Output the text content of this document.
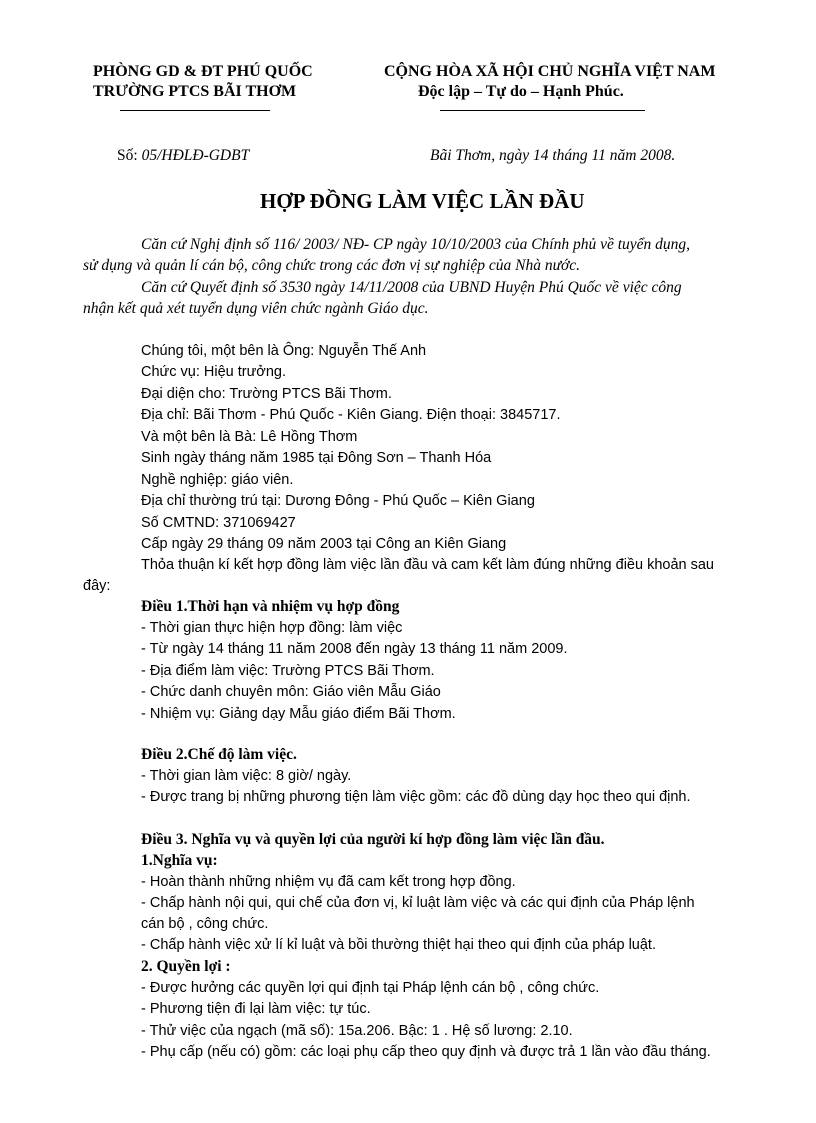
PHÒNG GD & ĐT PHÚ QUỐC
TRƯỜNG PTCS BÃI THƠM
CỘNG HÒA XÃ HỘI CHỦ NGHĨA VIỆT NAM
Độc lập – Tự do – Hạnh Phúc.
Số: 05/HĐLĐ-GDBT	Bãi Thơm, ngày 14 tháng 11 năm 2008.
HỢP ĐỒNG LÀM VIỆC LẦN ĐẦU
Căn cứ Nghị định số 116/ 2003/ NĐ- CP ngày 10/10/2003 của Chính phủ về tuyển dụng,
sử dụng và quản lí cán bộ, công chức trong các đơn vị sự nghiệp của Nhà nước.
Căn cứ Quyết định số 3530 ngày 14/11/2008 của UBND Huyện Phú Quốc về việc công
nhận kết quả xét tuyển dụng viên chức ngành Giáo dục.
Chúng tôi, một bên là Ông: Nguyễn Thế Anh
Chức vụ: Hiệu trưởng.
Đại diện cho: Trường PTCS Bãi Thơm.
Địa chỉ: Bãi Thơm - Phú Quốc - Kiên Giang. Điện thoại: 3845717.
Và một bên là Bà: Lê Hồng Thơm
Sinh ngày tháng năm 1985 tại Đông Sơn – Thanh Hóa
Nghề nghiệp: giáo viên.
Địa chỉ thường trú tại: Dương Đông - Phú Quốc – Kiên Giang
Số CMTND: 371069427
Cấp ngày 29 tháng 09 năm 2003 tại Công an Kiên Giang
Thỏa thuận kí kết hợp đồng làm việc lần đầu và cam kết làm đúng những điều khoản sau
đây:
Điều 1.Thời hạn và nhiệm vụ hợp đồng
- Thời gian thực hiện hợp đồng: làm việc
- Từ ngày 14 tháng 11 năm 2008 đến ngày 13 tháng 11 năm 2009.
- Địa điểm làm việc: Trường PTCS Bãi Thơm.
- Chức danh chuyên môn: Giáo viên Mẫu Giáo
- Nhiệm vụ: Giảng dạy Mẫu giáo điểm Bãi Thơm.
Điều 2.Chế độ làm việc.
- Thời gian làm việc: 8 giờ/ ngày.
- Được trang bị những phương tiện làm việc gồm: các đồ dùng dạy học theo qui định.
Điều 3. Nghĩa vụ và quyền lợi của người kí hợp đồng làm việc lần đầu.
1.Nghĩa vụ:
- Hoàn thành những nhiệm vụ đã cam kết trong hợp đồng.
- Chấp hành nội qui, qui chế của đơn vị, kỉ luật làm việc và các qui định của Pháp lệnh
cán bộ , công chức.
- Chấp hành việc xử lí kỉ luật và bồi thường thiệt hại theo qui định của pháp luật.
2. Quyền lợi :
- Được hưởng các quyền lợi qui định tại Pháp lệnh cán bộ , công chức.
- Phương tiện đi lại làm việc: tự túc.
- Thử việc của ngạch (mã số): 15a.206. Bậc: 1 . Hệ số lương: 2.10.
- Phụ cấp (nếu có) gồm: các loại phụ cấp theo quy định và được trả 1 lần vào đầu tháng.
